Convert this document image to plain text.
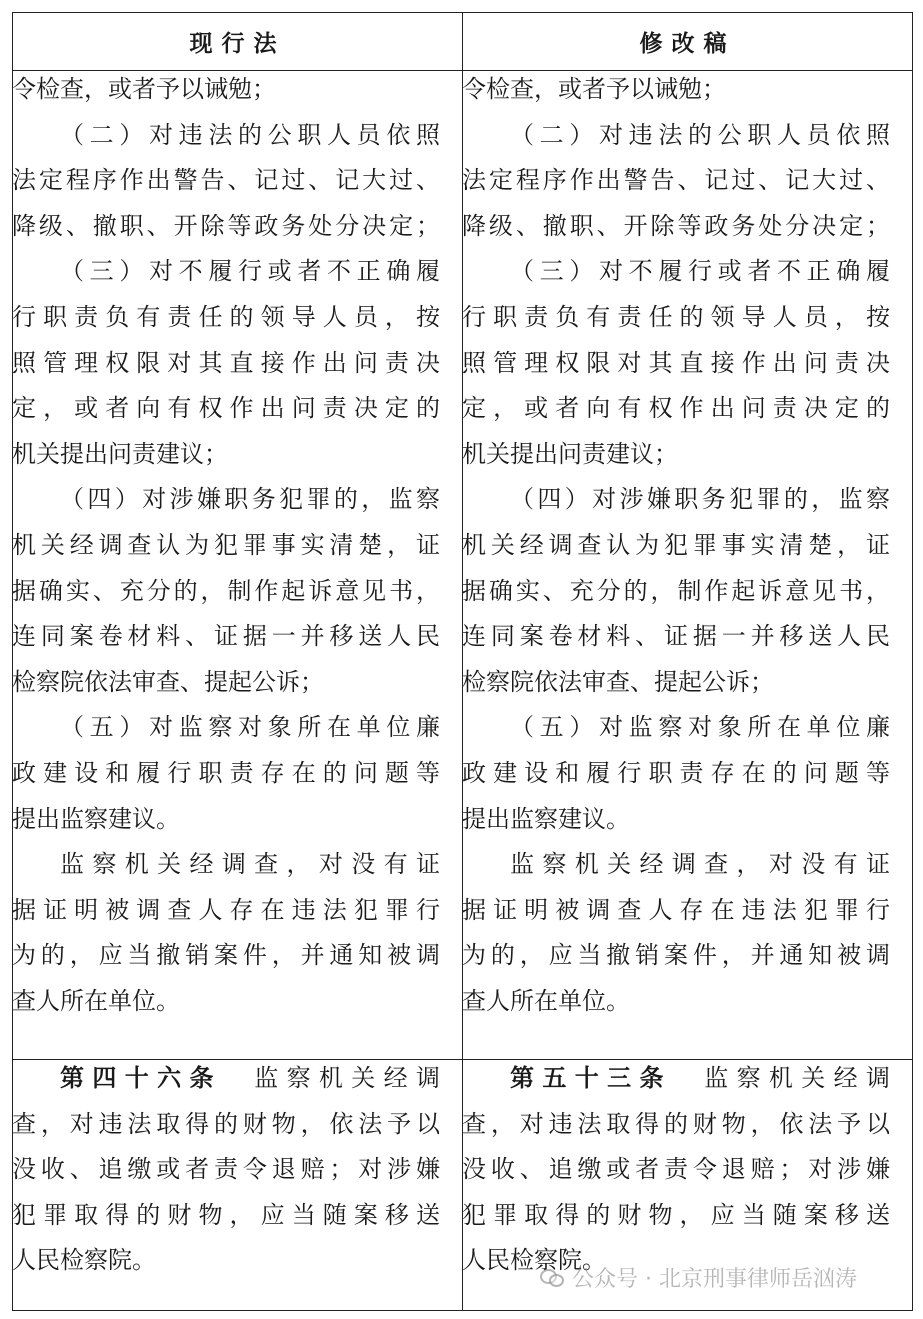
现行法	修改稿
令检查，或者予以诫勉；
（二）对违法的公职人员依照
法定程序作出警告、记过、记大过、
降级、撤职、开除等政务处分决定；
（三）对不履行或者不正确履
行职责负有责任的领导人员，按
照管理权限对其直接作出问责决
定，或者向有权作出问责决定的
机关提出问责建议；
（四）对涉嫌职务犯罪的，监察
机关经调查认为犯罪事实清楚，证
据确实、充分的，制作起诉意见书，
连同案卷材料、证据一并移送人民
检察院依法审查、提起公诉；
（五）对监察对象所在单位廉
政建设和履行职责存在的问题等
提出监察建议。
监察机关经调查，对没有证
据证明被调查人存在违法犯罪行
为的，应当撤销案件，并通知被调
查人所在单位。
令检查，或者予以诫勉；
（二）对违法的公职人员依照
法定程序作出警告、记过、记大过、
降级、撤职、开除等政务处分决定；
（三）对不履行或者不正确履
行职责负有责任的领导人员，按
照管理权限对其直接作出问责决
定，或者向有权作出问责决定的
机关提出问责建议；
（四）对涉嫌职务犯罪的，监察
机关经调查认为犯罪事实清楚，证
据确实、充分的，制作起诉意见书，
连同案卷材料、证据一并移送人民
检察院依法审查、提起公诉；
（五）对监察对象所在单位廉
政建设和履行职责存在的问题等
提出监察建议。
监察机关经调查，对没有证
据证明被调查人存在违法犯罪行
为的，应当撤销案件，并通知被调
查人所在单位。
第四十六条　 监察机关经调
查，对违法取得的财物，依法予以
没收、追缴或者责令退赔；对涉嫌
犯罪取得的财物，应当随案移送
人民检察院。
第五十三条　 监察机关经调
查，对违法取得的财物，依法予以
没收、追缴或者责令退赔；对涉嫌
犯罪取得的财物，应当随案移送
人民检察院。
公众号 · 北京刑事律师岳汹涛
